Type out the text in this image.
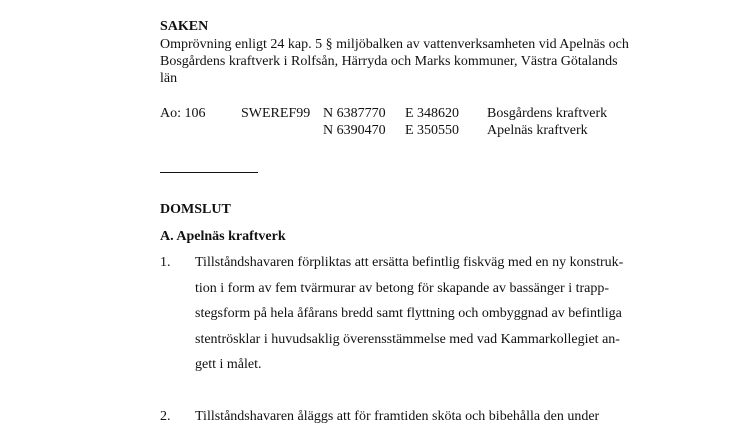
SAKEN
Omprövning enligt 24 kap. 5 § miljöbalken av vattenverksamheten vid Apelnäs och
Bosgårdens kraftverk i Rolfsån, Härryda och Marks kommuner, Västra Götalands
län
Ao: 106	SWEREF99 N 6387770 E 348620 Bosgårdens kraftverk
N 6390470 E 350550 Apelnäs kraftverk
DOMSLUT
A. Apelnäs kraftverk
1. Tillståndshavaren förpliktas att ersätta befintlig fiskväg med en ny konstruk-
tion i form av fem tvärmurar av betong för skapande av bassänger i trapp-
stegsform på hela åfårans bredd samt flyttning och ombyggnad av befintliga
stentrösklar i huvudsaklig överensstämmelse med vad Kammarkollegiet an-
gett i målet.
2. Tillståndshavaren åläggs att för framtiden sköta och bibehålla den under
